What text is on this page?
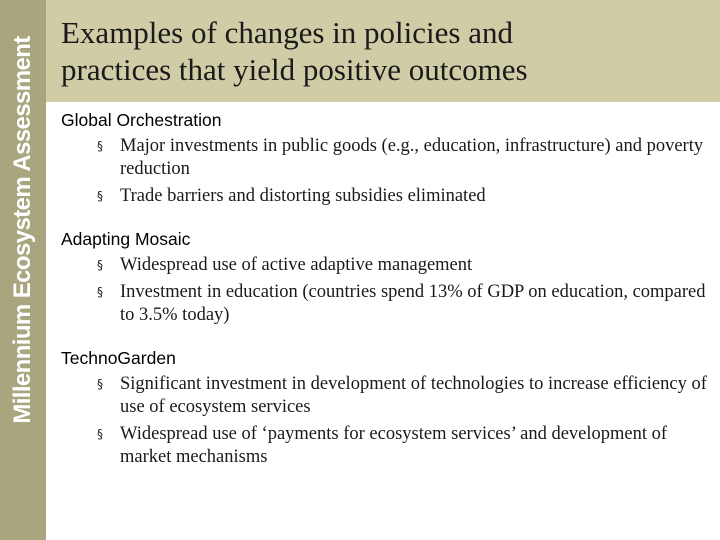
Millennium Ecosystem Assessment
Examples of changes in policies and
practices that yield positive outcomes
Global Orchestration
§ Major investments in public goods (e.g., education, infrastructure) and poverty reduction
§ Trade barriers and distorting subsidies eliminated
Adapting Mosaic
§ Widespread use of active adaptive management
§ Investment in education (countries spend 13% of GDP on education, compared to 3.5% today)
TechnoGarden
§ Significant investment in development of technologies to increase efficiency of use of ecosystem services
§ Widespread use of ‘payments for ecosystem services’ and development of market mechanisms
